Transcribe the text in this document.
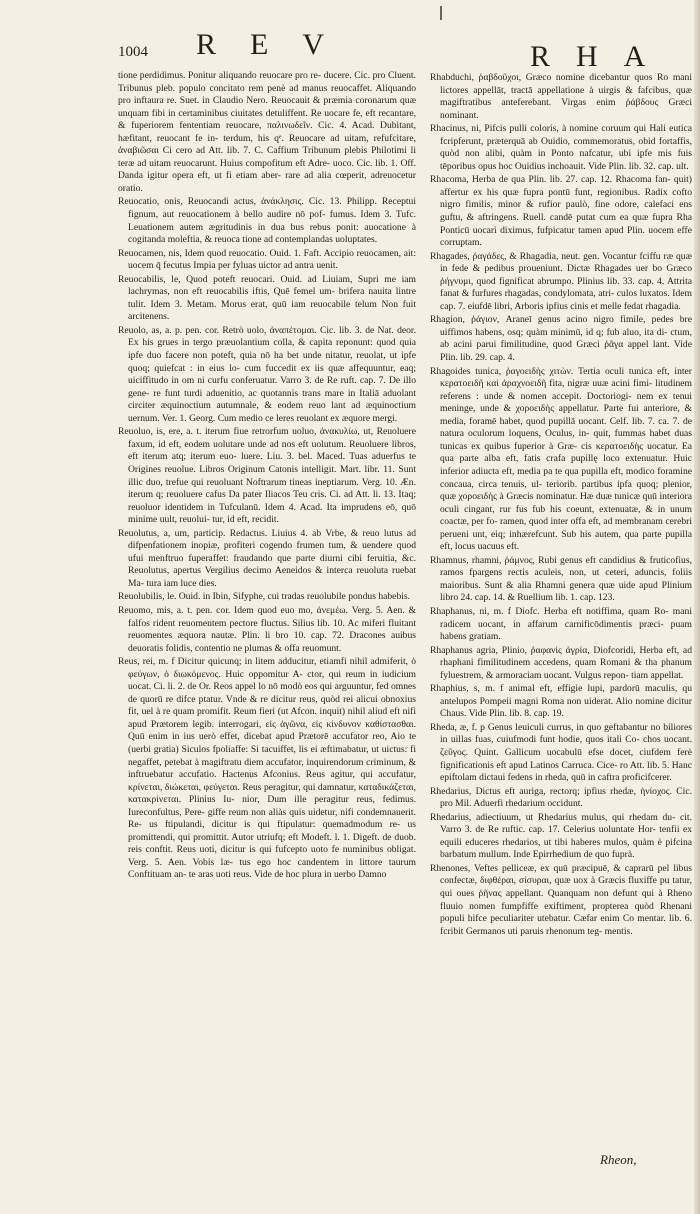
1004 REV	RHA

tione perdidimus. Ponitur aliquando reuocare pro re- ducere. Cic. pro Cluent. Tribunus pleb. populo concitato rem penè ad manus reuocaffet. Aliquando pro inftaura re. Suet. in Claudio Nero. Reuocauit & præmia coronarum quæ unquam fibi in certaminibus ciuitates detuliffent. Re uocare fe, eft recantare, & fuperiorem fententiam reuocare, παλινωδεῖν. Cic. 4. Acad. Dubitant, hæfitant, reuocant fe in- terdum, his qᵉ. Reuocare ad uitam, refufcitare, ἀναβιῶσαι Ci cero ad Att. lib. 7. C. Caffium Tribunum plebis Philotimi li teræ ad uitam reuocarunt. Huius compofitum eft Adre- uoco. Cic. lib. 1. Off. Danda igitur opera eft, ut fi etiam aber- rare ad alia cœperit, adreuocetur oratio.

Reuocatio, onis, Reuocandi actus, ἀνάκλησις. Cic. 13. Philipp. Receptui fignum, aut reuocationem à bello audire nō pof- fumus. Idem 3. Tufc. Leuationem autem ægritudinis in dua bus rebus ponit: auocatione à cogitanda moleftia, & reuoca tione ad contemplandas uoluptates.

Reuocamen, nis, Idem quod reuocatio. Ouid. 1. Faft. Accipio reuocamen, ait: uocem q̄ fecutus Impia per fyluas uictor ad antra uenit.

Reuocabilis, le, Quod poteft reuocari. Ouid. ad Liuiam, Supri me iam lachrymas, non eft reuocabilis iftis, Quē femel um- brifera nauita lintre tulit. Idem 3. Metam. Morus erat, quū iam reuocabile telum Non fuit arcitenens.

Reuolo, as, a. p. pen. cor. Retrò uolo, ἀναπέτομαι. Cic. lib. 3. de Nat. deor. Ex his grues in tergo præuolantium colla, & capita reponunt: quod quia ipfe duo facere non poteft, quia nō ha bet unde nitatur, reuolat, ut ipfe quoq; quiefcat : in eius lo- cum fuccedit ex iis quæ affequuntur, eaq; uiciffitudo in om ni curfu conferuatur. Varro 3. de Re ruft. cap. 7. De illo gene- re funt turdi aduenitio, ac quotannis trans mare in Italiā aduolant circiter æquinoctium autumnale, & eodem reuo lant ad æquinoctium uernum. Ver. 1. Georg. Cum medio ce leres reuolant ex æquore mergi.

Reuoluo, is, ere, a. t. iterum fiue retrorfum uoluo, ἀνακυλίω, ut, Reuoluere faxum, id eft, eodem uolutare unde ad nos eft uolutum. Reuoluere libros, eft iterum atq; iterum euo- luere. Liu. 3. bel. Maced. Tuas aduerfus te Origines reuolue. Libros Originum Catonis intelligit. Mart. libr. 11. Sunt illic duo, trefue qui reuoluant Noftrarum tineas ineptiarum. Verg. 10. Æn. iterum q; reuoluere cafus Da pater Iliacos Teu cris. Ci. ad Att. li. 13. Itaq; reuoluor identidem in Tufculanū. Idem 4. Acad. Ita imprudens eō, quō minime uult, reuolui- tur, id eft, recidit.

Reuolutus, a, um, particip. Redactus. Liuius 4. ab Vrbe, & reuo lutus ad difpenfationem inopiæ, profiteri cogendo frumen tum, & uendere quod ufui menftruo fuperaffet: fraudando que parte diurni cibi feruitia, &c. Reuolutus, apertus Vergilius decimo Aeneidos & interca reuoluta ruebat Ma- tura iam luce dies.

Reuolubilis, le. Ouid. in Ibin, Sifyphe, cui tradas reuolubile pondus habebis.

Reuomo, mis, a. t. pen. cor. Idem quod euo mo, ἀνεμέω. Verg. 5. Aen. & falfos rident reuomentem pectore fluctus. Silius lib. 10. Ac miferi fluitant reuomentes æquora nautæ. Plin. li bro 10. cap. 72. Dracones auibus deuoratis folidis, contentio ne plumas & offa reuomunt.

Reus, rei, m. f Dicitur quicunq; in litem adducitur, etiamfi nihil admiferit, ὁ φεύγων, ὁ διωκόμενος. Huic oppomitur A- ctor, qui reum in iudicium uocat. Ci. li. 2. de Or. Reos appel lo nō modò eos qui arguuntur, fed omnes de quorū re difce ptatur. Vnde & re dicitur reus, quòd rei alicui obnoxius fit, uel à re quam promifit. Reum fieri (ut Afcon. inquit) nihil aliud eft nifi apud Prætorem legib. interrogari, εἰς ἀγῶνα, εἰς κίνδυνον καθίστασθαι. Quū enim in ius uerò effet, dicebat apud Prætorē accufator reo, Aio te (uerbi gratia) Siculos fpoliaffe: Si tacuiffet, lis ei æftimabatur, ut uictus: fi negaffet, petebat à magiftratu diem accufator, inquirendorum criminum, & inftruebatur accufatio. Hactenus Afconius. Reus agitur, qui accufatur, κρίνεται, διώκεται, φεύγεται. Reus peragitur, qui damnatur, καταδικάζεται, κατακρίνεται. Plinius Iu- nior, Dum ille peragitur reus, fedimus. Iureconfultus, Pere- giffe reum non aliàs quis uidetur, nifi condemnauerit. Re- us ftipulandi, dicitur is qui ftipulatur: quemadmodum re- us promittendi, qui promittit. Autor utriufq; eft Modeft. l. 1. Digeft. de duob. reis conftit. Reus uoti, dicitur is qui fufcepto uoto fe numinibus obligat. Verg. 5. Aen. Vobis læ- tus ego hoc candentem in littore taurum Conftituam an- te aras uoti reus. Vide de hoc plura in uerbo Damno

Rhabduchi, ῥαβδοῦχοι, Græco nomine dicebantur quos Ro mani lictores appellāt, tractā appellatione à uirgis & fafcibus, quæ magiftratibus anteferebant. Virgas enim ῥάβδους Græci nominant.

Rhacinus, ni, Pifcis pulli coloris, à nomine coruum qui Hali eutica fcripferunt, præterquā ab Ouidio, commemoratus, obid fortaffis, quòd non alibi, quàm in Ponto nafcatur, ubi ipfe mis fuis tēporibus opus hoc Ouidius inchoauit. Vide Plin. lib. 32. cap. ult.

Rhacoma, Herba de qua Plin. lib. 27. cap. 12. Rhacoma fan- quit) affertur ex his quæ fupra pontū funt, regionibus. Radix cofto nigro fimilis, minor & rufior paulò, fine odore, calefaci ens guftu, & aftringens. Ruell. candē putat cum ea quæ fupra Rha Ponticū uocari diximus, fufpicatur tamen apud Plin. uocem effe corruptam.

Rhagades, ῥαγάδες, & Rhagadia, neut. gen. Vocantur fciffu ræ quæ in fede & pedibus proueniunt. Dictæ Rhagades uer bo Græco ῥήγνυμι, quod fignificat abrumpo. Plinius lib. 33. cap. 4. Attrita fanat & furfures rhagadas, condylomata, atri- culos luxatos. Idem cap. 7. eiufdē libri, Arboris ipfius cinis et melle fedat rhagadia.

Rhagion, ῥάγιον, Araneī genus acino nigro fimile, pedes bre uiffimos habens, osq; quàm minimū, id q; fub aluo, ita di- ctum, ab acini parui fimilitudine, quod Græci ῥᾶγα appel lant. Vide Plin. lib. 29. cap. 4.

Rhagoides tunica, ῥαγοειδὴς χιτὼν. Tertia oculi tunica eft, inter κερατοειδῆ καὶ ἀραχνοειδῆ fita, nigræ uuæ acini fimi- litudinem referens : unde & nomen accepit. Doctoriogi- nem ex tenui meninge, unde & χοροειδὴς appellatur. Parte fui anteriore, & media, foramē habet, quod pupillā uocant. Celf. lib. 7. ca. 7. de natura oculorum loquens, Oculus, in- quit, fummas habet duas tunicas ex quibus fuperior à Græ- cis κερατοειδὴς uocatur. Ea qua parte alba eft, fatis crafa pupillę loco extenuatur. Huic inferior adiucta eft, media pa te qua pupilla eft, modico foramine concaua, circa tenuis, ul- teriorib. partibus ipfa quoq; plenior, quæ χοροειδὴς à Græcis nominatur. Hæ duæ tunicæ quū interiora oculi cingant, rur fus fub his coeunt, extenuatæ, & in unum coactæ, per fo- ramen, quod inter offa eft, ad membranam cerebri perueni unt, eiq; inhærefcunt. Sub his autem, qua parte pupilla eft, locus uacuus eft.

Rhamnus, rhamni, ῥάμνος, Rubi genus eft candidius & fruticofius, ramos fpargens rectis aculeis, non, ut ceteri, aduncis, foliis maioribus. Sunt & alia Rhamni genera quæ uide apud Plinium libro 24. cap. 14. & Ruellium lib. 1. cap. 123.

Rhaphanus, ni, m. f Diofc. Herba eft notiffima, quam Ro- mani radicem uocant, in affarum carnificōdimentis præci- puam habens gratiam.

Rhaphanus agria, Plinio, ῥαφανὶς ἀγρία, Diofcoridi, Herba eft, ad rhaphani fimilitudinem accedens, quam Romani & tha phanum fyluestrem, & armoraciam uocant. Vulgus repon- tiam appellat.

Rhaphius, s, m. f animal eft, effigie lupi, pardorū maculis, qu antelupos Pompeii magni Roma non uiderat. Alio nomine dicitur Chaus. Vide Plin. lib. 8. cap. 19.

Rheda, æ, f. p Genus leuiculi currus, in quo geftabantur no biliores in uillas fuas, cuiufmodi funt hodie, quos itali Co- chos uocant. ζεῦγος. Quint. Gallicum uocabulū efse docet, ciufdem ferè fignificationis eft apud Latinos Carruca. Cice- ro Att. lib. 5. Hanc epiftolam dictaui fedens in rheda, quū in caftra proficifcerer.

Rhedarius, Dictus eft auriga, rectorq; ipfius rhedæ, ἡνίοχος. Cic. pro Mil. Aduerfi rhedarium occidunt.

Rhedarius, adiectiuum, ut Rhedarius mulus, qui rhedam du- cit. Varro 3. de Re ruftic. cap. 17. Celerius uoluntate Hor- tenfii ex equili educeres rhedarios, ut tibi haberes mulos, quàm è pifcina barbatum mullum. Inde Epirrhedium de quo fuprà.

Rhenones, Veftes pelliceæ, ex quū præcipuē, & caprarū pel libus confectæ, διφθέραι, σίσυραι, quæ uox à Græcis fluxiffe pu tatur, qui oues ῥῆνας appellant. Quanquam non defunt qui à Rheno fluuio nomen fumpfiffe exiftiment, propterea quòd Rhenani populi hifce peculiariter utebatur. Cæfar enim Co mentar. lib. 6. fcribit Germanos uti paruis rhenonum teg- mentis.

Rheon,
